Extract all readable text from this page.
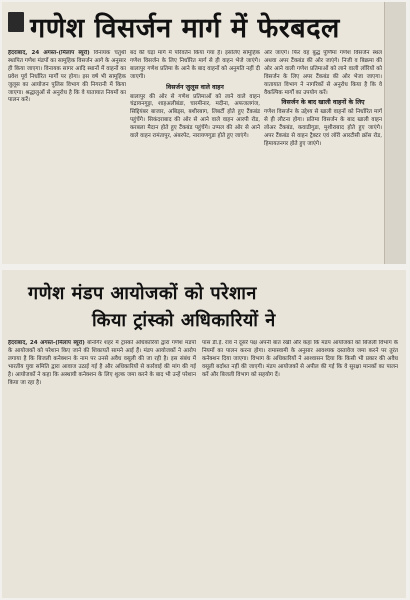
गणेश विसर्जन मार्ग में फेरबदल
हैदराबाद, 24 अगस्त-(मिलाप ब्यूरो) विनायक चतुर्थी स्थापित गणेश मंडपों का सामूहिक विसर्जन आगे के अनुसार ही किया जाएगा। विनायक सागर आदि स्थानों में वाहनों का प्रवेश पूर्व निर्धारित मार्गों पर होगा। इस वर्ष भी सामूहिक जुलूस का आयोजन पुलिस विभाग की निगरानी में किया जाएगा। श्रद्धालुओं से अनुरोध है कि वे यातायात नियमों का पालन करें।
बंद की घड़ा मार्ग में परिवर्तन किया गया है। इसलिए सामूहिक गणेश विसर्जन के लिए निर्धारित मार्ग से ही वाहन भेजे जाएंगे। बालापुर गणेश प्रतिमा के आने के बाद वाहनों को अनुमति नहीं दी जाएगी।
विसर्जन जुलूस वाले वाहन
बालापुर की ओर से गणेश प्रतिमाओं को लाने वाले वाहन चंद्रायनगुट्टा, शाहअलीबंडा, चारमीनार, मदीना, अफजलगंज, सिद्दियंबर बाजार, अबिड्स, बशीरबाग, लिबर्टी होते हुए टैंकबंड पहुंचेंगे। सिकंदराबाद की ओर से आने वाले वाहन आरपी रोड, करबला मैदान होते हुए टैंकबंड पहुंचेंगे। उप्पल की ओर से आने वाले वाहन रामंतापुर, अंबरपेट, नारायणगुडा होते हुए जाएंगे।
ओर जाएंगे। फिर वह बुद्ध पूर्णिमा गणेश विसर्जन स्थल अथवा अपर टैंकबंड की ओर जाएंगे। निजी व बिक्रमा की ओर आने वाली गणेश प्रतिमाओं को लाने वाली लॉरियों को विसर्जन के लिए अपर टैंकबंड की ओर भेजा जाएगा। यातायात विभाग ने नागरिकों से अनुरोध किया है कि वे वैकल्पिक मार्गों का उपयोग करें।
विसर्जन के बाद खाली वाहनों के लिए
गणेश विसर्जन के उद्देश्य से खाली वाहनों को निर्धारित मार्ग से ही लौटना होगा। प्रतिमा विसर्जन के बाद खाली वाहन लोअर टैंकबंड, कवाडीगुडा, मुशीराबाद होते हुए जाएंगे। अपर टैंकबंड से वाहन ट्रैक्टर एवं लॉरी आरटीसी क्रॉस रोड, हिमायतनगर होते हुए जाएंगे।
गणेश मंडप आयोजकों को परेशान
किया ट्रांस्को अधिकारियों ने
हैदराबाद, 24 अगस्त-(मिलाप ब्यूरो) बोनगिर शहर में ट्रांस्को अधिकारियों द्वारा गणेश मंडपों के आयोजकों को परेशान किए जाने की शिकायतें सामने आई हैं। मंडप आयोजकों ने आरोप लगाया है कि बिजली कनेक्शन के नाम पर उनसे अवैध वसूली की जा रही है। इस संबंध में भारतीय युवा समिति द्वारा आवाज उठाई गई है और अधिकारियों से कार्रवाई की मांग की गई है। आयोजकों ने कहा कि अस्थायी कनेक्शन के लिए शुल्क जमा करने के बाद भी उन्हें परेशान किया जा रहा है।
पास डी.ई. राव ने दूसरे पक्ष अपनी बात रखी और कहा कि मंडप आयोजकों को बिजली विभाग के नियमों का पालन करना होगा। रामास्वामी के अनुसार आवश्यक दस्तावेज जमा करने पर तुरंत कनेक्शन दिया जाएगा। विभाग के अधिकारियों ने आश्वासन दिया कि किसी भी प्रकार की अवैध वसूली बर्दाश्त नहीं की जाएगी। मंडप आयोजकों से अपील की गई कि वे सुरक्षा मानकों का पालन करें और बिजली विभाग को सहयोग दें।
